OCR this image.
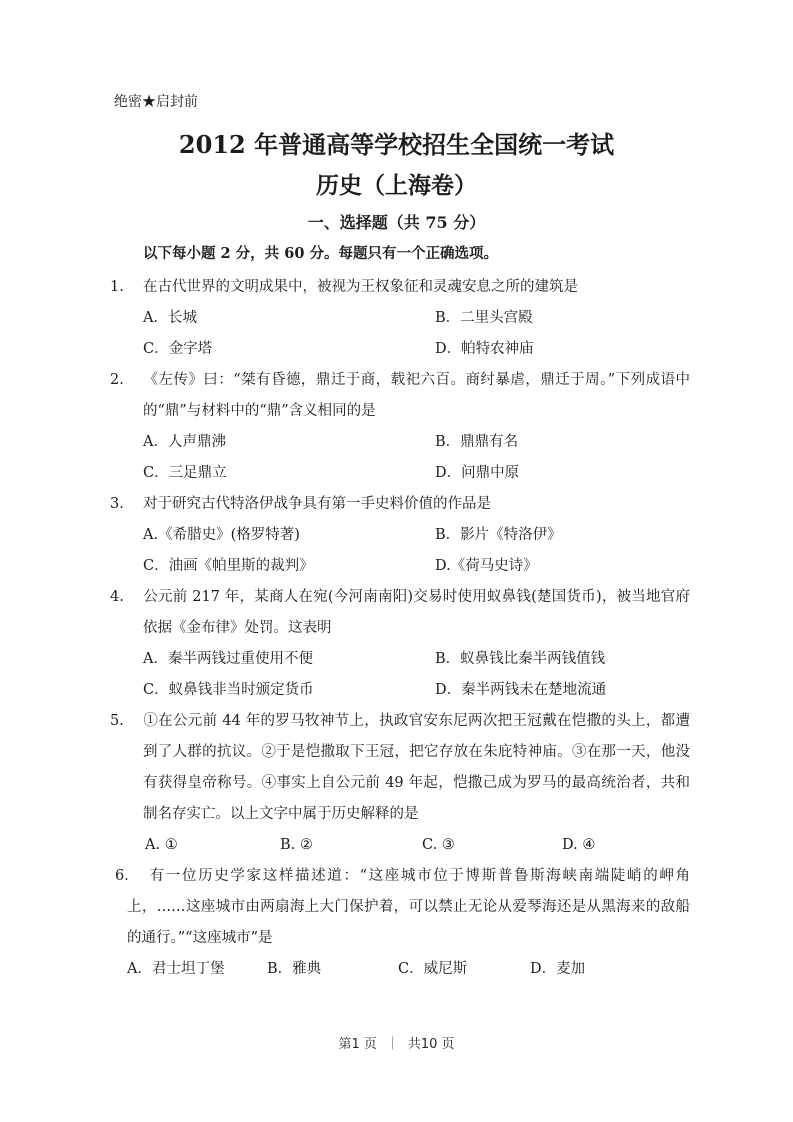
绝密★启封前
2012 年普通高等学校招生全国统一考试
历史（上海卷）
一、选择题（共 75 分）

以下每小题 2 分，共 60 分。每题只有一个正确选项。

1. 在古代世界的文明成果中，被视为王权象征和灵魂安息之所的建筑是
A．长城	B．二里头宫殿
C．金字塔	D．帕特农神庙
2. 《左传》曰：“桀有昏德，鼎迁于商，载祀六百。商纣暴虐，鼎迁于周。”下列成语中的“鼎”与材料中的“鼎”含义相同的是
A．人声鼎沸	B．鼎鼎有名
C．三足鼎立	D．问鼎中原
3. 对于研究古代特洛伊战争具有第一手史料价值的作品是
A.《希腊史》(格罗特著)	B．影片《特洛伊》
C．油画《帕里斯的裁判》	D.《荷马史诗》
4. 公元前 217 年，某商人在宛(今河南南阳)交易时使用蚁鼻钱(楚国货币)，被当地官府依据《金布律》处罚。这表明
A．秦半两钱过重使用不便	B．蚁鼻钱比秦半两钱值钱
C．蚁鼻钱非当时颁定货币	D．秦半两钱未在楚地流通
5. ①在公元前 44 年的罗马牧神节上，执政官安东尼两次把王冠戴在恺撒的头上，都遭到了人群的抗议。②于是恺撒取下王冠，把它存放在朱庇特神庙。③在那一天，他没有获得皇帝称号。④事实上自公元前 49 年起，恺撒己成为罗马的最高统治者，共和制名存实亡。以上文字中属于历史解释的是
A. ①	B. ②	C. ③	D. ④
6． 有一位历史学家这样描述道：“这座城市位于博斯普鲁斯海峡南端陡峭的岬角上，……这座城市由两扇海上大门保护着，可以禁止无论从爱琴海还是从黑海来的敌船的通行。”“这座城市”是
A．君士坦丁堡	B．雅典	C．威尼斯	D．麦加
第1 页 ｜ 共10 页
